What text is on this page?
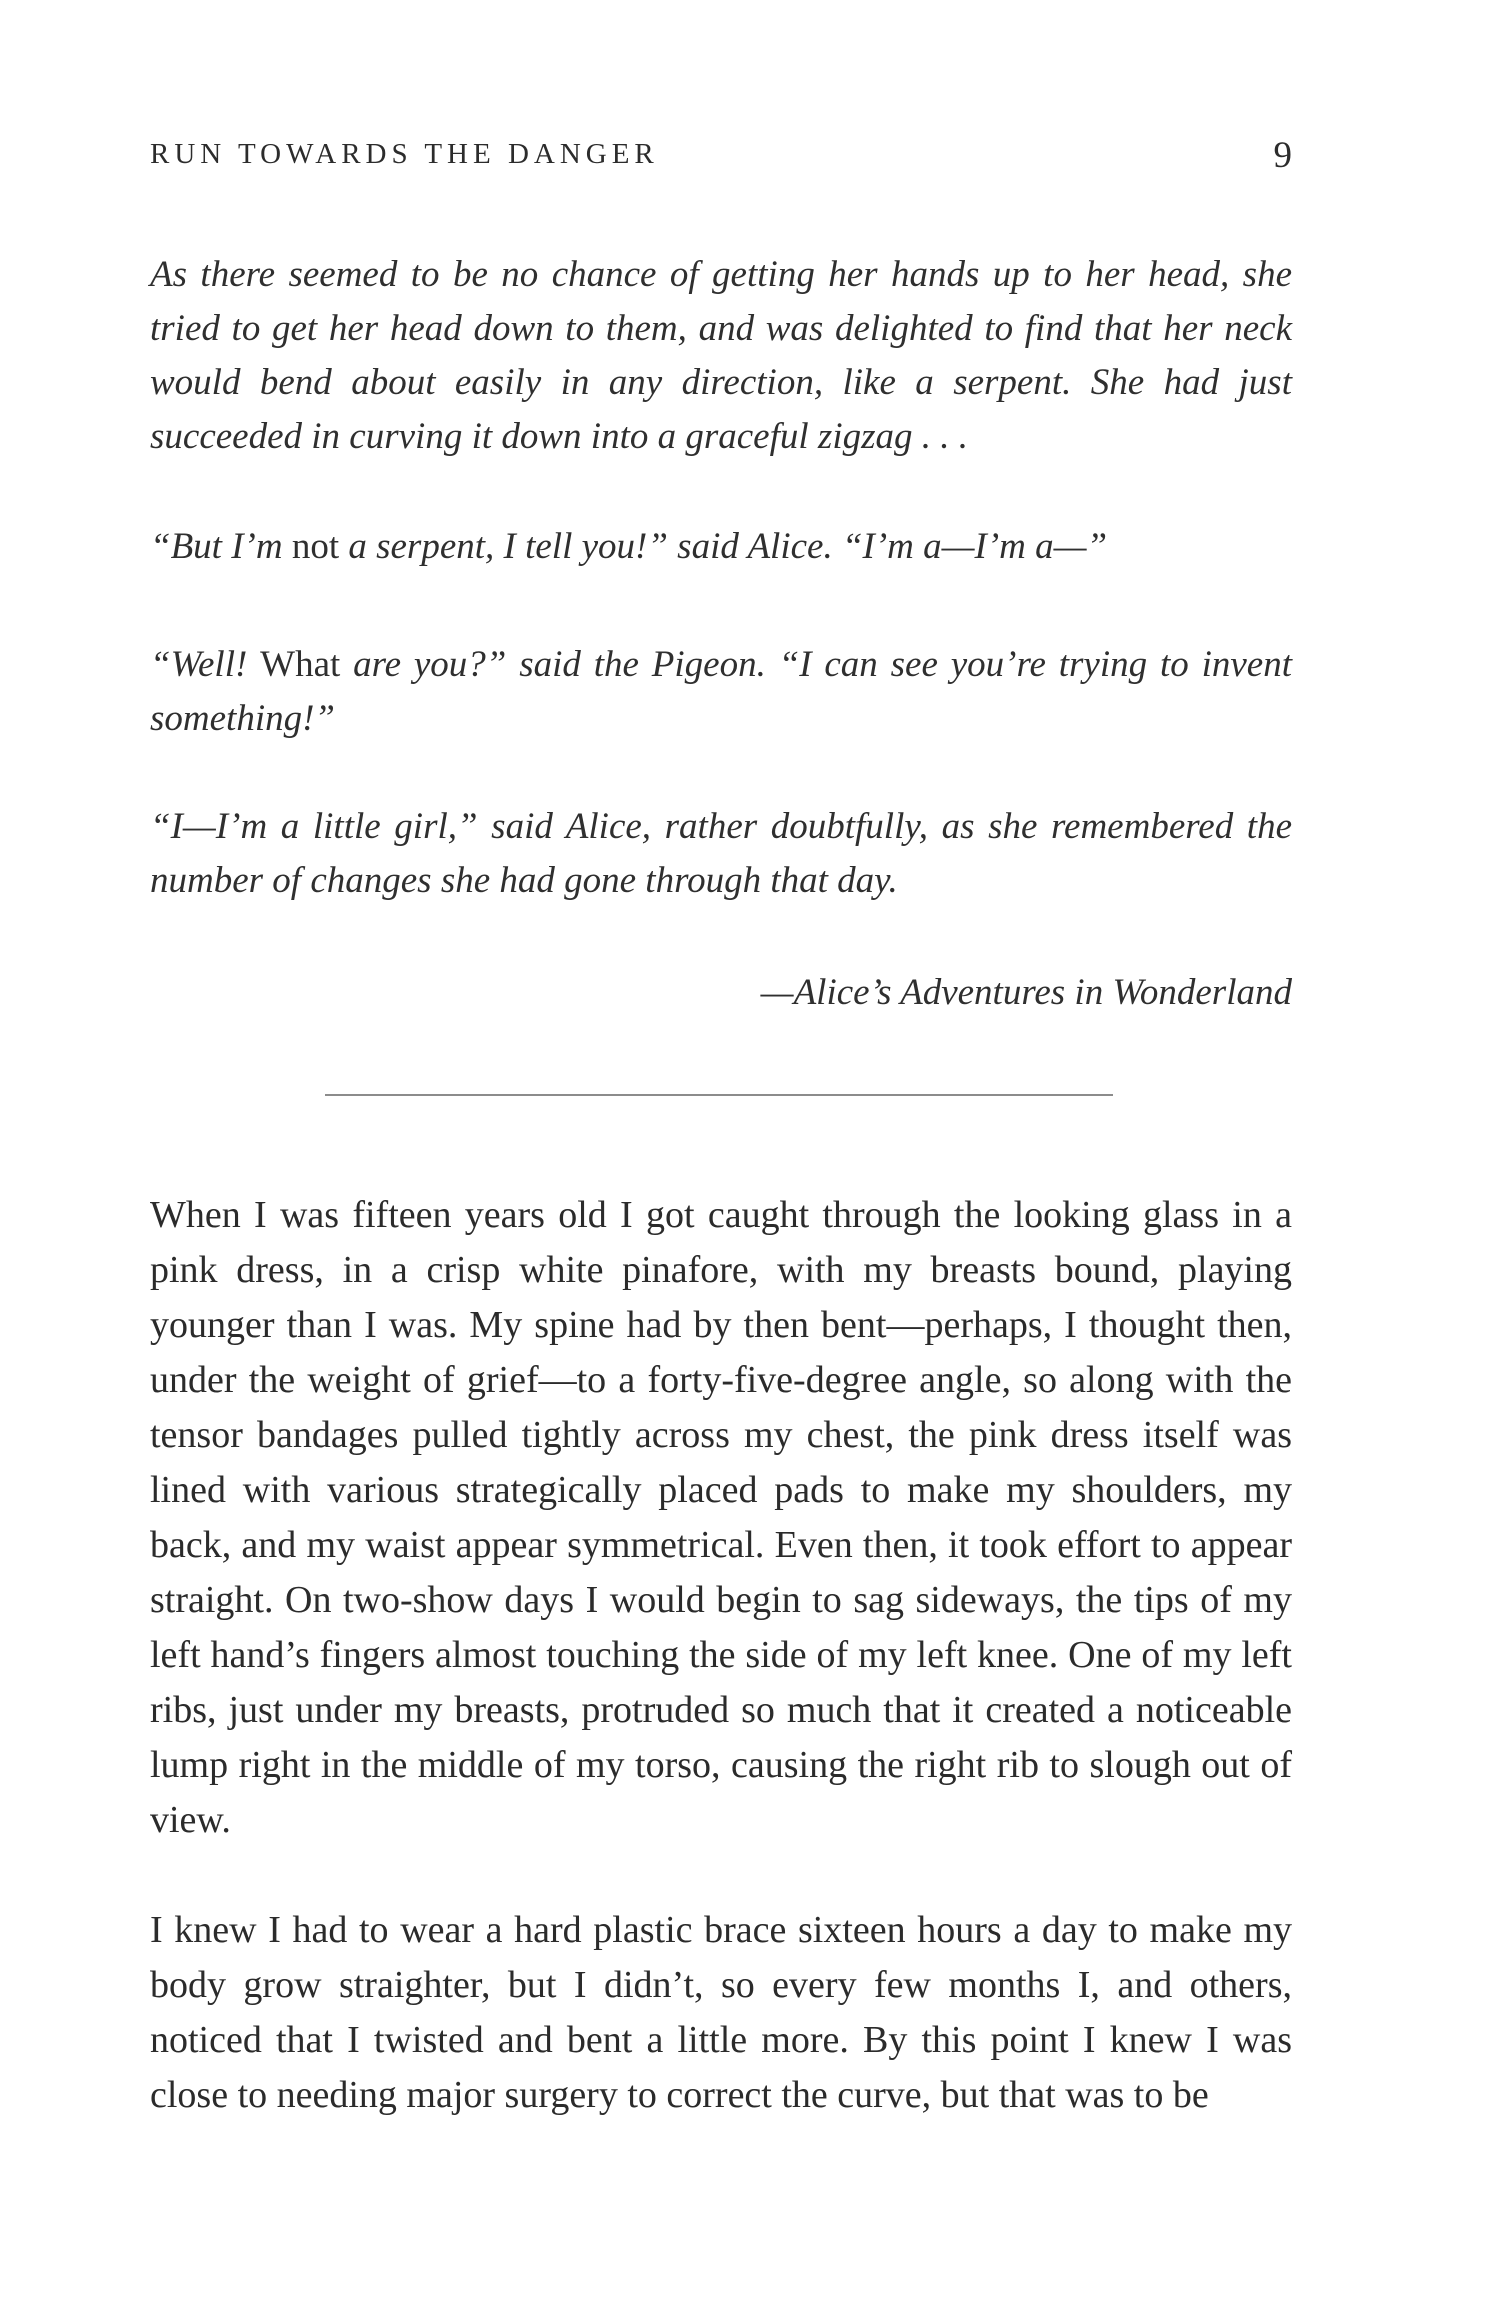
RUN TOWARDS THE DANGER	9

As there seemed to be no chance of getting her hands up to her head, she tried to get her head down to them, and was delighted to find that her neck would bend about easily in any direction, like a serpent. She had just succeeded in curving it down into a graceful zigzag . . .

“But I’m not a serpent, I tell you!” said Alice. “I’m a—I’m a—”

“Well! What are you?” said the Pigeon. “I can see you’re trying to invent something!”

“I—I’m a little girl,” said Alice, rather doubtfully, as she remembered the number of changes she had gone through that day.

—Alice’s Adventures in Wonderland

When I was fifteen years old I got caught through the looking glass in a pink dress, in a crisp white pinafore, with my breasts bound, playing younger than I was. My spine had by then bent—perhaps, I thought then, under the weight of grief—to a forty-five-degree angle, so along with the tensor bandages pulled tightly across my chest, the pink dress itself was lined with various strategically placed pads to make my shoulders, my back, and my waist appear symmetrical. Even then, it took effort to appear straight. On two-show days I would begin to sag sideways, the tips of my left hand’s fingers almost touching the side of my left knee. One of my left ribs, just under my breasts, protruded so much that it created a noticeable lump right in the middle of my torso, causing the right rib to slough out of view.

I knew I had to wear a hard plastic brace sixteen hours a day to make my body grow straighter, but I didn’t, so every few months I, and others, noticed that I twisted and bent a little more. By this point I knew I was close to needing major surgery to correct the curve, but that was to be
